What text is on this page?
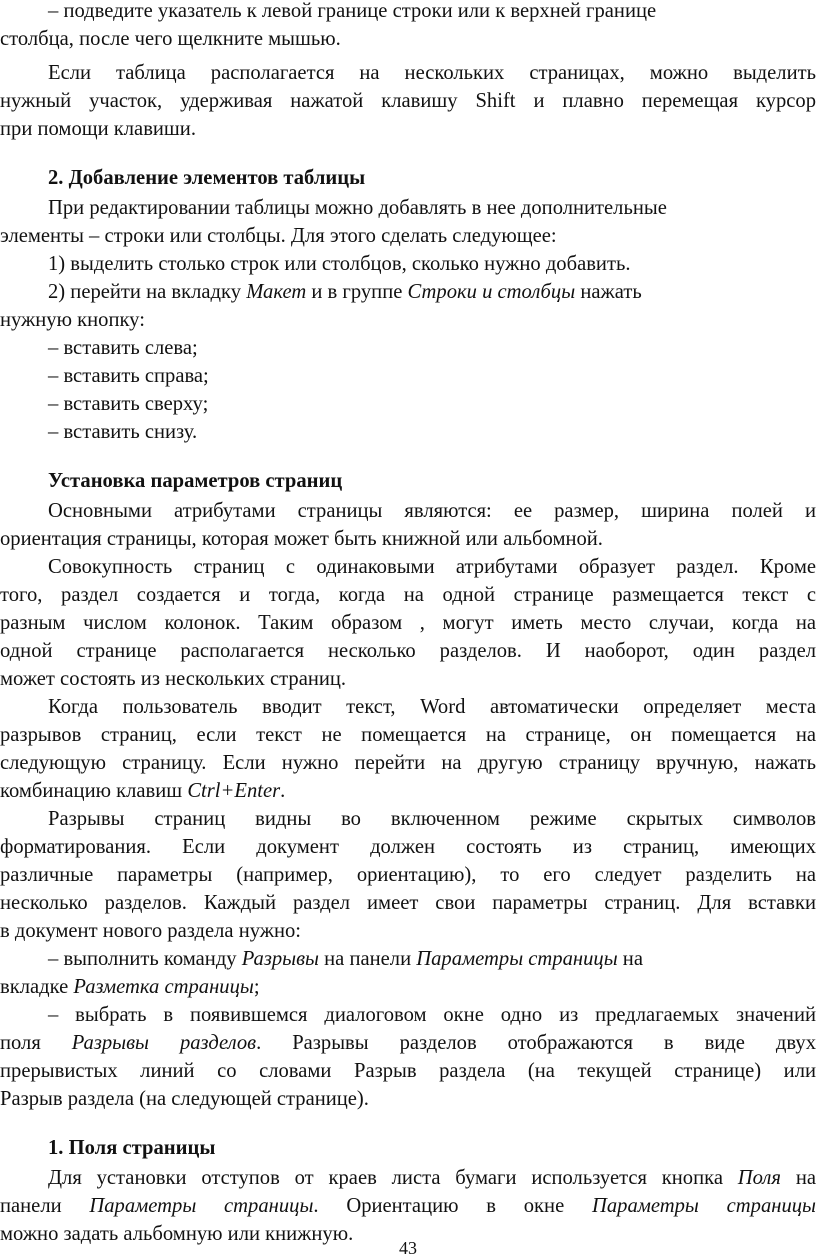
– подведите указатель к левой границе строки или к верхней границе
столбца, после чего щелкните мышью.
Если таблица располагается на нескольких страницах, можно выделить
нужный участок, удерживая нажатой клавишу Shift и плавно перемещая курсор
при помощи клавиши.
2. Добавление элементов таблицы
При редактировании таблицы можно добавлять в нее дополнительные
элементы – строки или столбцы. Для этого сделать следующее:
1) выделить столько строк или столбцов, сколько нужно добавить.
2) перейти на вкладку Макет и в группе Строки и столбцы нажать
нужную кнопку:
– вставить слева;
– вставить справа;
– вставить сверху;
– вставить снизу.
Установка параметров страниц
Основными атрибутами страницы являются: ее размер, ширина полей и
ориентация страницы, которая может быть книжной или альбомной.
Совокупность страниц с одинаковыми атрибутами образует раздел. Кроме
того, раздел создается и тогда, когда на одной странице размещается текст с
разным числом колонок. Таким образом , могут иметь место случаи, когда на
одной странице располагается несколько разделов. И наоборот, один раздел
может состоять из нескольких страниц.
Когда пользователь вводит текст, Word автоматически определяет места
разрывов страниц, если текст не помещается на странице, он помещается на
следующую страницу. Если нужно перейти на другую страницу вручную, нажать
комбинацию клавиш Ctrl+Enter.
Разрывы страниц видны во включенном режиме скрытых символов
форматирования. Если документ должен состоять из страниц, имеющих
различные параметры (например, ориентацию), то его следует разделить на
несколько разделов. Каждый раздел имеет свои параметры страниц. Для вставки
в документ нового раздела нужно:
– выполнить команду Разрывы на панели Параметры страницы на
вкладке Разметка страницы;
– выбрать в появившемся диалоговом окне одно из предлагаемых значений
поля Разрывы разделов. Разрывы разделов отображаются в виде двух
прерывистых линий со словами Разрыв раздела (на текущей странице) или
Разрыв раздела (на следующей странице).
1. Поля страницы
Для установки отступов от краев листа бумаги используется кнопка Поля на
панели Параметры страницы. Ориентацию в окне Параметры страницы
можно задать альбомную или книжную.
43
